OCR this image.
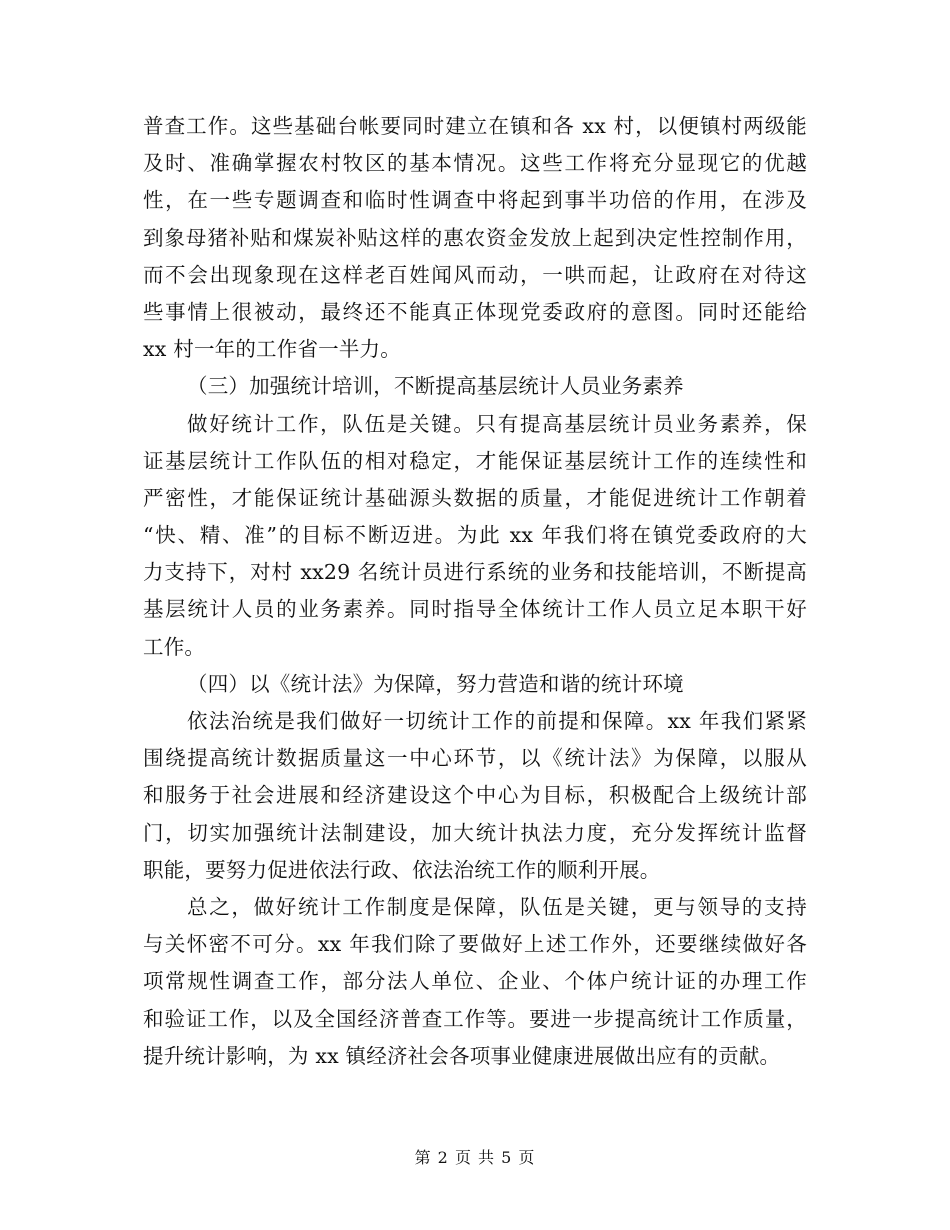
普查工作。这些基础台帐要同时建立在镇和各 xx 村，以便镇村两级能
及时、准确掌握农村牧区的基本情况。这些工作将充分显现它的优越
性，在一些专题调查和临时性调查中将起到事半功倍的作用，在涉及
到象母猪补贴和煤炭补贴这样的惠农资金发放上起到决定性控制作用，
而不会出现象现在这样老百姓闻风而动，一哄而起，让政府在对待这
些事情上很被动，最终还不能真正体现党委政府的意图。同时还能给
xx 村一年的工作省一半力。
（三）加强统计培训，不断提高基层统计人员业务素养
做好统计工作，队伍是关键。只有提高基层统计员业务素养，保
证基层统计工作队伍的相对稳定，才能保证基层统计工作的连续性和
严密性，才能保证统计基础源头数据的质量，才能促进统计工作朝着
“快、精、准”的目标不断迈进。为此 xx 年我们将在镇党委政府的大
力支持下，对村 xx29 名统计员进行系统的业务和技能培训，不断提高
基层统计人员的业务素养。同时指导全体统计工作人员立足本职干好
工作。
（四）以《统计法》为保障，努力营造和谐的统计环境
依法治统是我们做好一切统计工作的前提和保障。xx 年我们紧紧
围绕提高统计数据质量这一中心环节，以《统计法》为保障，以服从
和服务于社会进展和经济建设这个中心为目标，积极配合上级统计部
门，切实加强统计法制建设，加大统计执法力度，充分发挥统计监督
职能，要努力促进依法行政、依法治统工作的顺利开展。
总之，做好统计工作制度是保障，队伍是关键，更与领导的支持
与关怀密不可分。xx 年我们除了要做好上述工作外，还要继续做好各
项常规性调查工作，部分法人单位、企业、个体户统计证的办理工作
和验证工作，以及全国经济普查工作等。要进一步提高统计工作质量，
提升统计影响，为 xx 镇经济社会各项事业健康进展做出应有的贡献。
第 2 页 共 5 页
